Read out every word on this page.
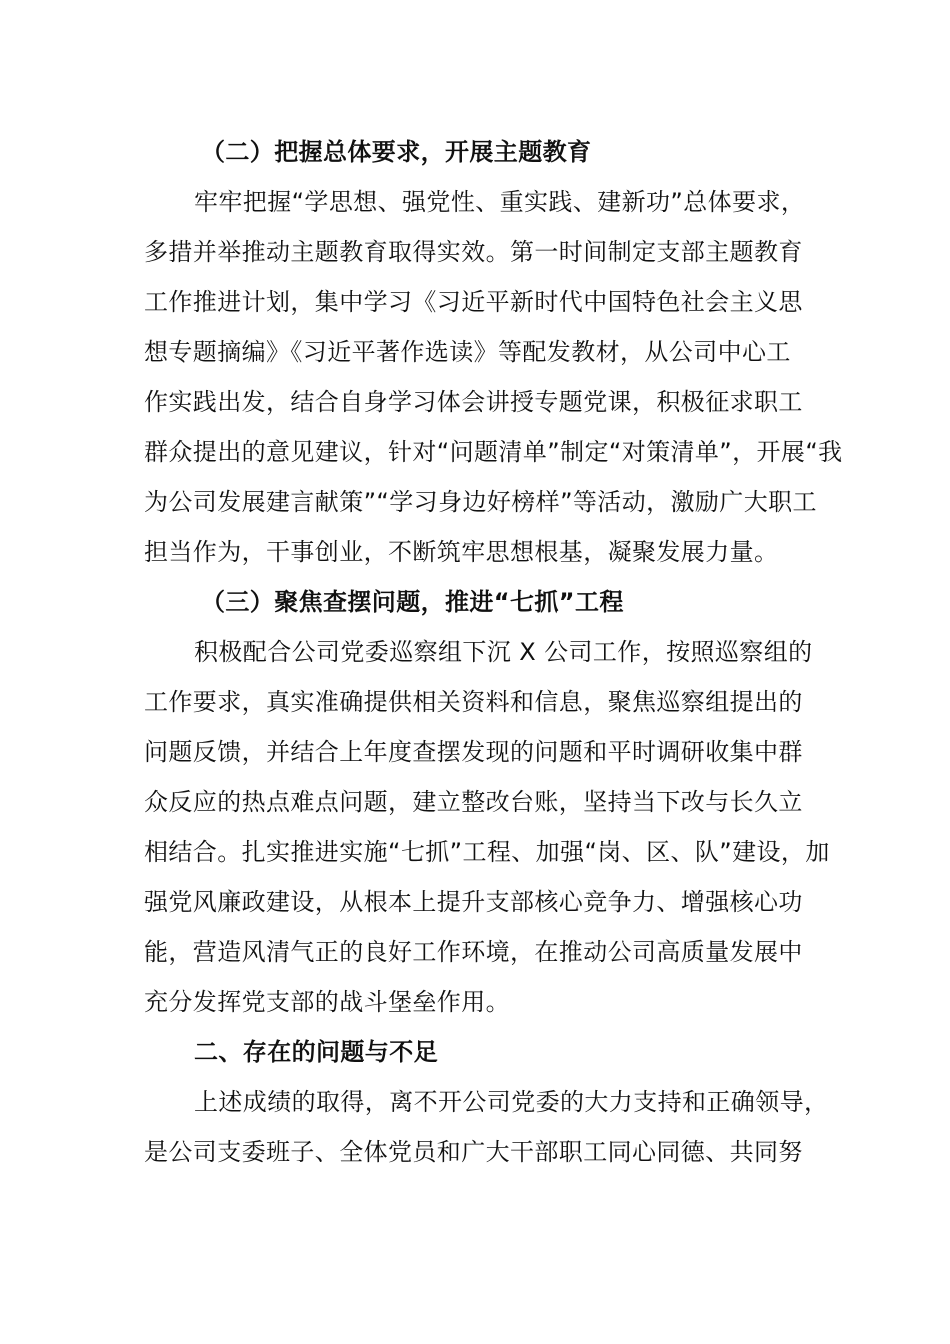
（二）把握总体要求，开展主题教育
牢牢把握“学思想、强党性、重实践、建新功”总体要求，
多措并举推动主题教育取得实效。第一时间制定支部主题教育
工作推进计划，集中学习《习近平新时代中国特色社会主义思
想专题摘编》《习近平著作选读》等配发教材，从公司中心工
作实践出发，结合自身学习体会讲授专题党课，积极征求职工
群众提出的意见建议，针对“问题清单”制定“对策清单”，开展“我
为公司发展建言献策”“学习身边好榜样”等活动，激励广大职工
担当作为，干事创业，不断筑牢思想根基，凝聚发展力量。
（三）聚焦查摆问题，推进“七抓”工程
积极配合公司党委巡察组下沉 X 公司工作，按照巡察组的
工作要求，真实准确提供相关资料和信息，聚焦巡察组提出的
问题反馈，并结合上年度查摆发现的问题和平时调研收集中群
众反应的热点难点问题，建立整改台账，坚持当下改与长久立
相结合。扎实推进实施“七抓”工程、加强“岗、区、队”建设，加
强党风廉政建设，从根本上提升支部核心竞争力、增强核心功
能，营造风清气正的良好工作环境，在推动公司高质量发展中
充分发挥党支部的战斗堡垒作用。
二、存在的问题与不足
上述成绩的取得，离不开公司党委的大力支持和正确领导，
是公司支委班子、全体党员和广大干部职工同心同德、共同努
